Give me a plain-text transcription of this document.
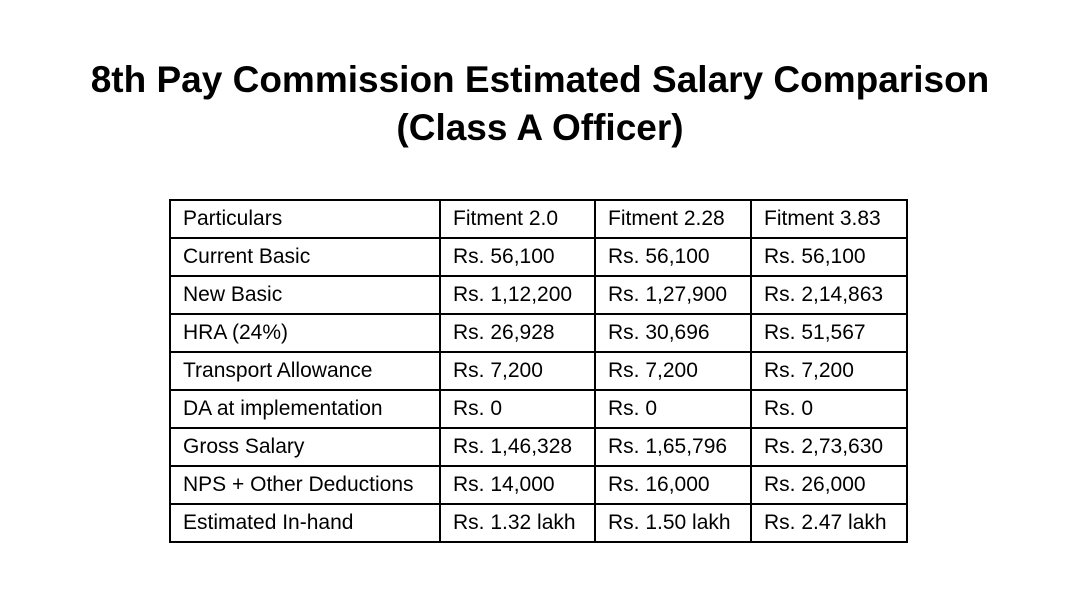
8th Pay Commission Estimated Salary Comparison
(Class A Officer)
Particulars	Fitment 2.0	Fitment 2.28	Fitment 3.83
Current Basic	Rs. 56,100	Rs. 56,100	Rs. 56,100
New Basic	Rs. 1,12,200	Rs. 1,27,900	Rs. 2,14,863
HRA (24%)	Rs. 26,928	Rs. 30,696	Rs. 51,567
Transport Allowance	Rs. 7,200	Rs. 7,200	Rs. 7,200
DA at implementation	Rs. 0	Rs. 0	Rs. 0
Gross Salary	Rs. 1,46,328	Rs. 1,65,796	Rs. 2,73,630
NPS + Other Deductions	Rs. 14,000	Rs. 16,000	Rs. 26,000
Estimated In-hand	Rs. 1.32 lakh	Rs. 1.50 lakh	Rs. 2.47 lakh
